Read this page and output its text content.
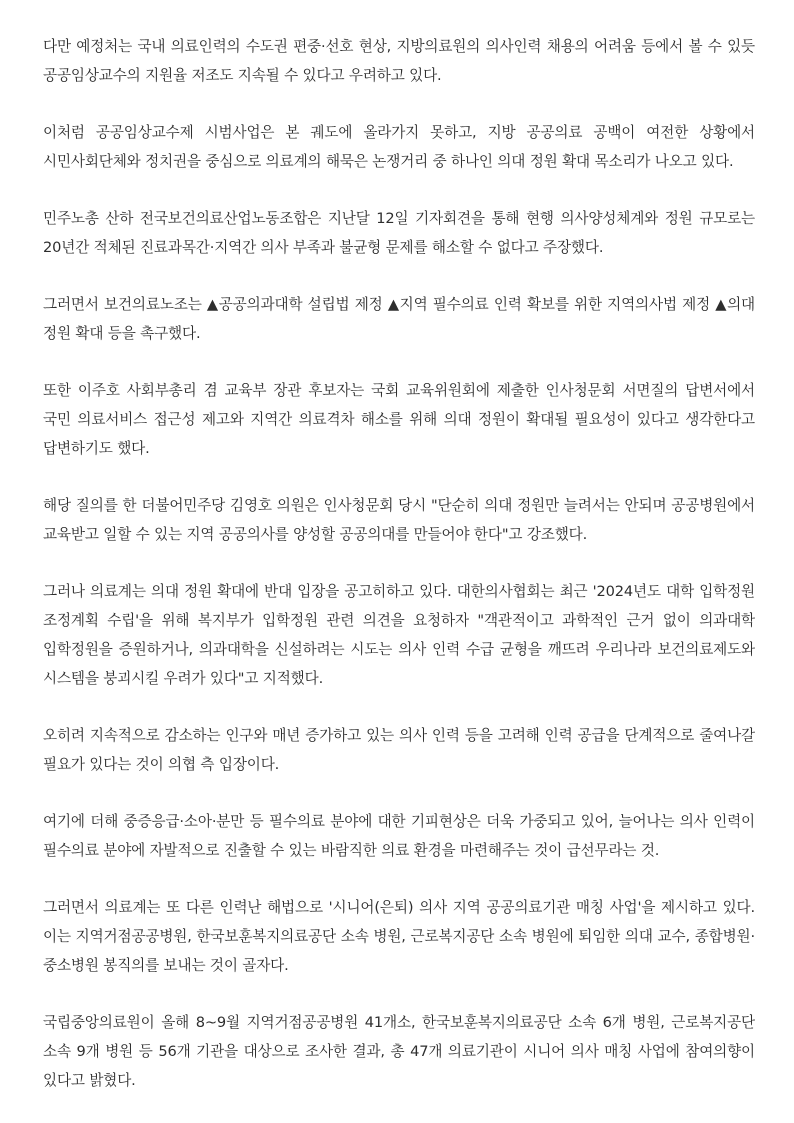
다만 예정처는 국내 의료인력의 수도권 편중·선호 현상, 지방의료원의 의사인력 채용의 어려움 등에서 볼 수 있듯 공공임상교수의 지원율 저조도 지속될 수 있다고 우려하고 있다.

이처럼 공공임상교수제 시범사업은 본 궤도에 올라가지 못하고, 지방 공공의료 공백이 여전한 상황에서 시민사회단체와 정치권을 중심으로 의료계의 해묵은 논쟁거리 중 하나인 의대 정원 확대 목소리가 나오고 있다.

민주노총 산하 전국보건의료산업노동조합은 지난달 12일 기자회견을 통해 현행 의사양성체계와 정원 규모로는 20년간 적체된 진료과목간·지역간 의사 부족과 불균형 문제를 해소할 수 없다고 주장했다.

그러면서 보건의료노조는 ▲공공의과대학 설립법 제정 ▲지역 필수의료 인력 확보를 위한 지역의사법 제정 ▲의대 정원 확대 등을 촉구했다.

또한 이주호 사회부총리 겸 교육부 장관 후보자는 국회 교육위원회에 제출한 인사청문회 서면질의 답변서에서 국민 의료서비스 접근성 제고와 지역간 의료격차 해소를 위해 의대 정원이 확대될 필요성이 있다고 생각한다고 답변하기도 했다.

해당 질의를 한 더불어민주당 김영호 의원은 인사청문회 당시 "단순히 의대 정원만 늘려서는 안되며 공공병원에서 교육받고 일할 수 있는 지역 공공의사를 양성할 공공의대를 만들어야 한다"고 강조했다.

그러나 의료계는 의대 정원 확대에 반대 입장을 공고히하고 있다. 대한의사협회는 최근 '2024년도 대학 입학정원 조정계획 수립'을 위해 복지부가 입학정원 관련 의견을 요청하자 "객관적이고 과학적인 근거 없이 의과대학 입학정원을 증원하거나, 의과대학을 신설하려는 시도는 의사 인력 수급 균형을 깨뜨려 우리나라 보건의료제도와 시스템을 붕괴시킬 우려가 있다"고 지적했다.

오히려 지속적으로 감소하는 인구와 매년 증가하고 있는 의사 인력 등을 고려해 인력 공급을 단계적으로 줄여나갈 필요가 있다는 것이 의협 측 입장이다.

여기에 더해 중증응급·소아·분만 등 필수의료 분야에 대한 기피현상은 더욱 가중되고 있어, 늘어나는 의사 인력이 필수의료 분야에 자발적으로 진출할 수 있는 바람직한 의료 환경을 마련해주는 것이 급선무라는 것.

그러면서 의료계는 또 다른 인력난 해법으로 '시니어(은퇴) 의사 지역 공공의료기관 매칭 사업'을 제시하고 있다. 이는 지역거점공공병원, 한국보훈복지의료공단 소속 병원, 근로복지공단 소속 병원에 퇴임한 의대 교수, 종합병원·중소병원 봉직의를 보내는 것이 골자다.

국립중앙의료원이 올해 8~9월 지역거점공공병원 41개소, 한국보훈복지의료공단 소속 6개 병원, 근로복지공단 소속 9개 병원 등 56개 기관을 대상으로 조사한 결과, 총 47개 의료기관이 시니어 의사 매칭 사업에 참여의향이 있다고 밝혔다.
